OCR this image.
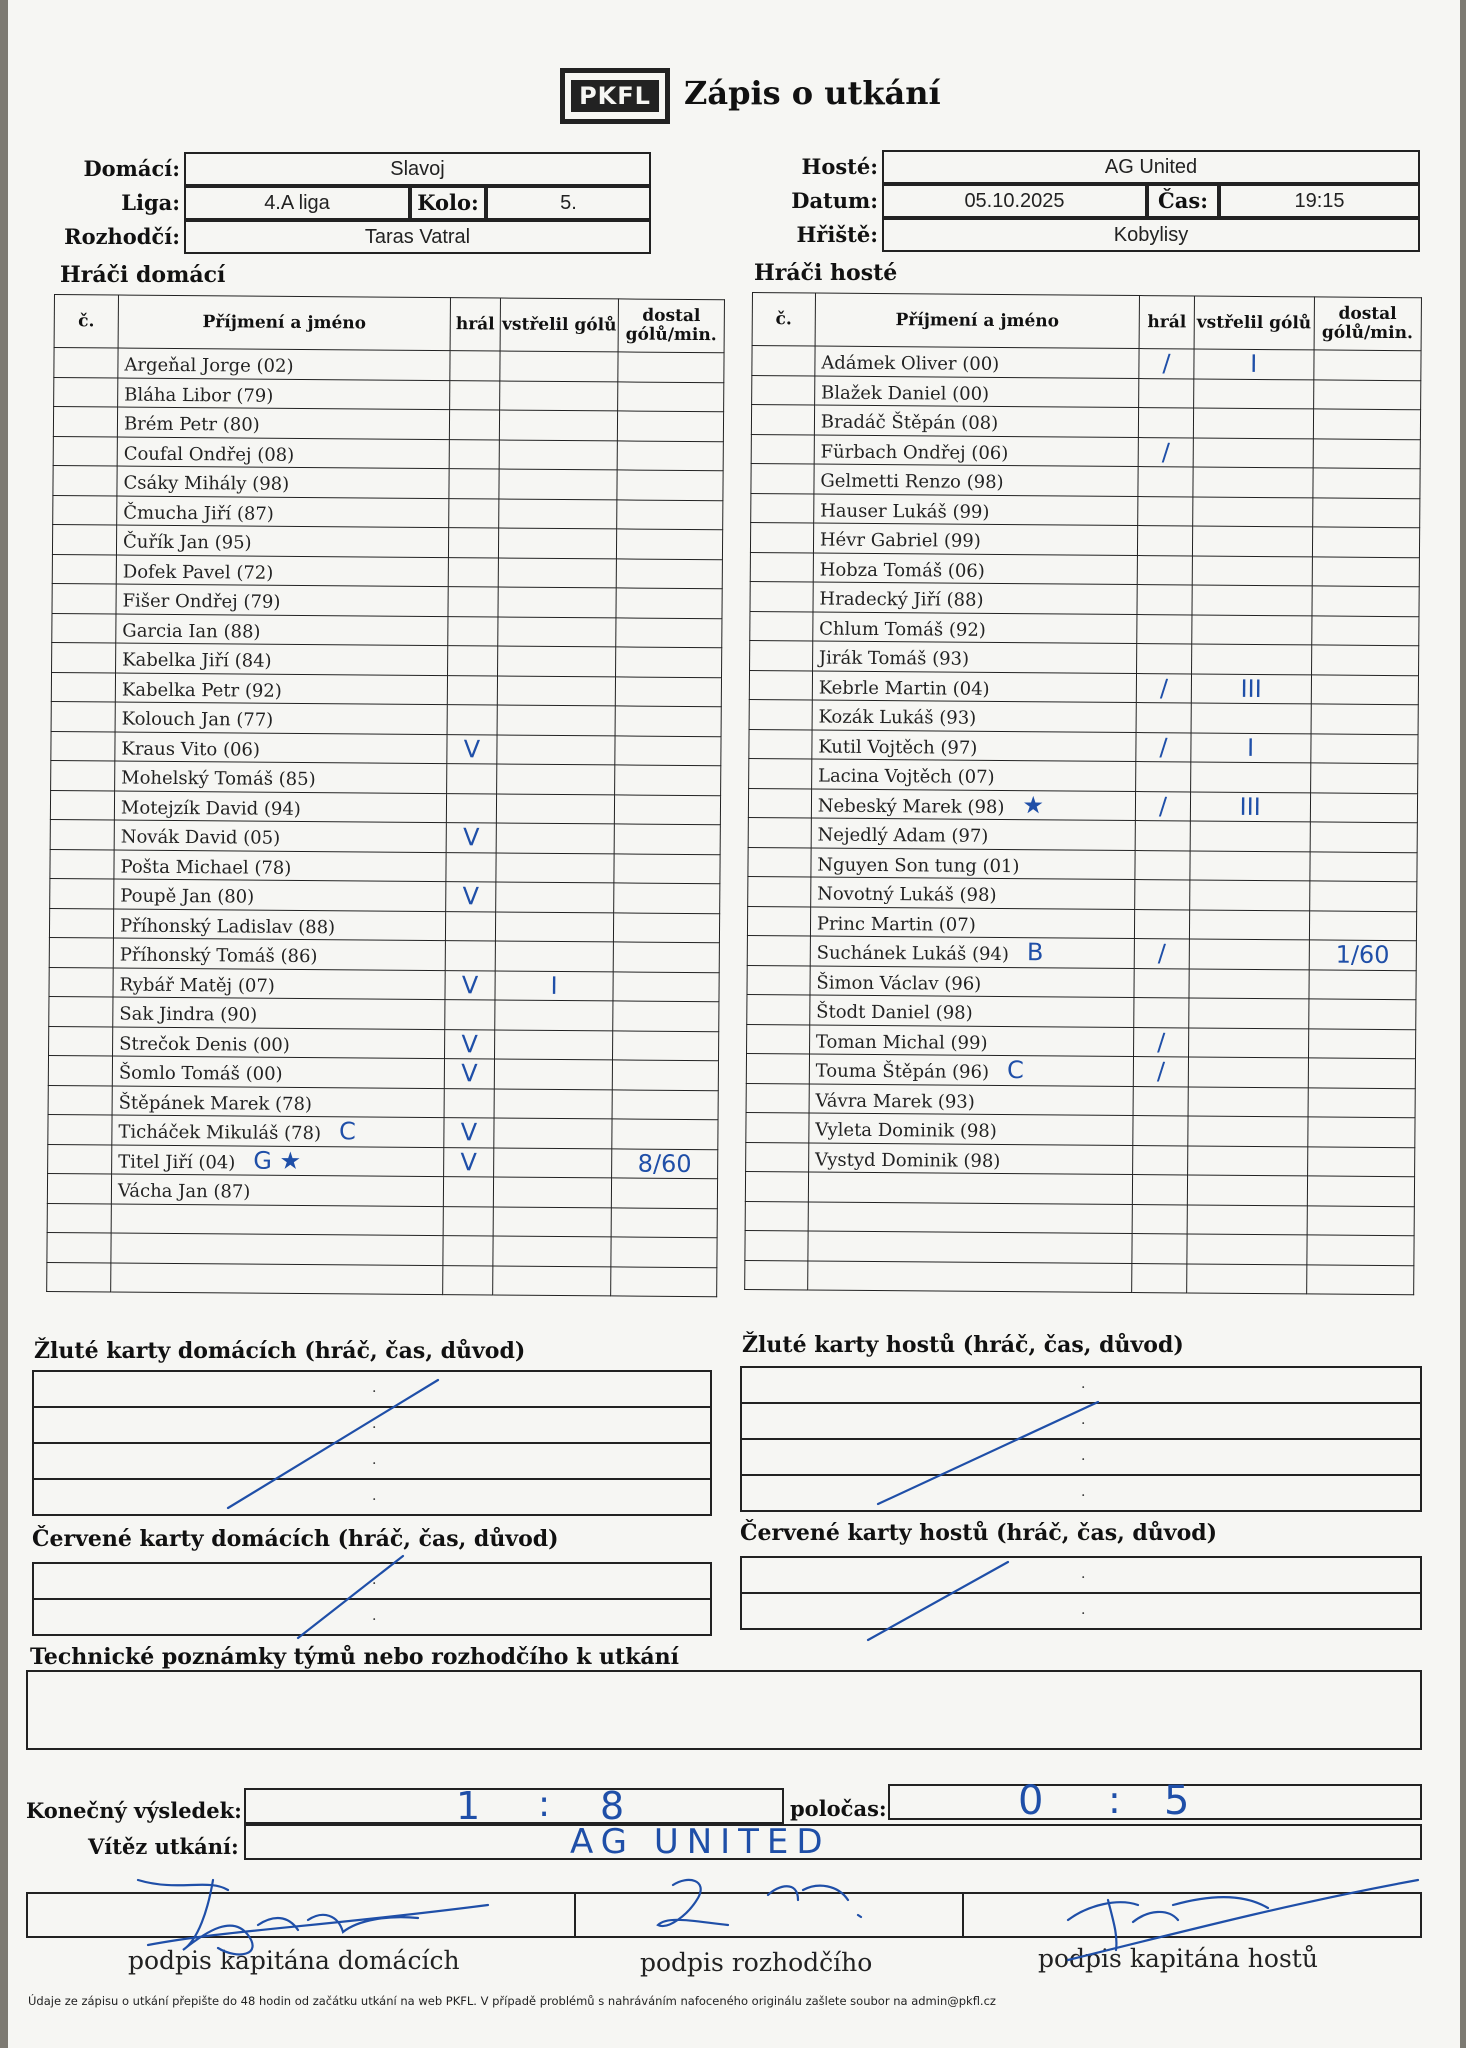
PKFL	Zápis o utkání
Domácí:	Slavoj
Liga:	4.A liga	Kolo:	5.
Rozhodčí:	Taras Vatral
Hosté:	AG United
Datum:	05.10.2025	Čas:	19:15
Hřiště:	Kobylisy
Hráči domácí	Hráči hosté
č.	Příjmení a jméno	hrál	vstřelil gólů	dostal gólů/min.
	Argeňal Jorge (02)			
	Bláha Libor (79)			
	Brém Petr (80)			
	Coufal Ondřej (08)			
	Csáky Mihály (98)			
	Čmucha Jiří (87)			
	Čuřík Jan (95)			
	Dofek Pavel (72)			
	Fišer Ondřej (79)			
	Garcia Ian (88)			
	Kabelka Jiří (84)			
	Kabelka Petr (92)			
	Kolouch Jan (77)			
	Kraus Vito (06)	V		
	Mohelský Tomáš (85)			
	Motejzík David (94)			
	Novák David (05)	V		
	Pošta Michael (78)			
	Poupě Jan (80)	V		
	Příhonský Ladislav (88)			
	Příhonský Tomáš (86)			
	Rybář Matěj (07)	V	I	
	Sak Jindra (90)			
	Strečok Denis (00)	V		
	Šomlo Tomáš (00)	V		
	Štěpánek Marek (78)			
	Ticháček Mikuláš (78) C	V		
	Titel Jiří (04) G ★	V		8/60
	Vácha Jan (87)			

č.	Příjmení a jméno	hrál	vstřelil gólů	dostal gólů/min.
	Adámek Oliver (00)	/	I	
	Blažek Daniel (00)			
	Bradáč Štěpán (08)			
	Fürbach Ondřej (06)	/		
	Gelmetti Renzo (98)			
	Hauser Lukáš (99)			
	Hévr Gabriel (99)			
	Hobza Tomáš (06)			
	Hradecký Jiří (88)			
	Chlum Tomáš (92)			
	Jirák Tomáš (93)			
	Kebrle Martin (04)	/	III	
	Kozák Lukáš (93)			
	Kutil Vojtěch (97)	/	I	
	Lacina Vojtěch (07)			
	Nebeský Marek (98) ★	/	III	
	Nejedlý Adam (97)			
	Nguyen Son tung (01)			
	Novotný Lukáš (98)			
	Princ Martin (07)			
	Suchánek Lukáš (94) B	/		1/60
	Šimon Václav (96)			
	Štodt Daniel (98)			
	Toman Michal (99)	/		
	Touma Štěpán (96) C	/		
	Vávra Marek (93)			
	Vyleta Dominik (98)			
	Vystyd Dominik (98)			

Žluté karty domácích (hráč, čas, důvod)	Žluté karty hostů (hráč, čas, důvod)
·
·
·
·
·
·
·
·
Červené karty domácích (hráč, čas, důvod)	Červené karty hostů (hráč, čas, důvod)
·
·
·
·
Technické poznámky týmů nebo rozhodčího k utkání
Konečný výsledek:	1 : 8	poločas:	0 : 5
Vítěz utkání:	AG UNITED
podpis kapitána domácích	podpis rozhodčího	podpis kapitána hostů
Údaje ze zápisu o utkání přepište do 48 hodin od začátku utkání na web PKFL. V případě problémů s nahráváním nafoceného originálu zašlete soubor na admin@pkfl.cz
